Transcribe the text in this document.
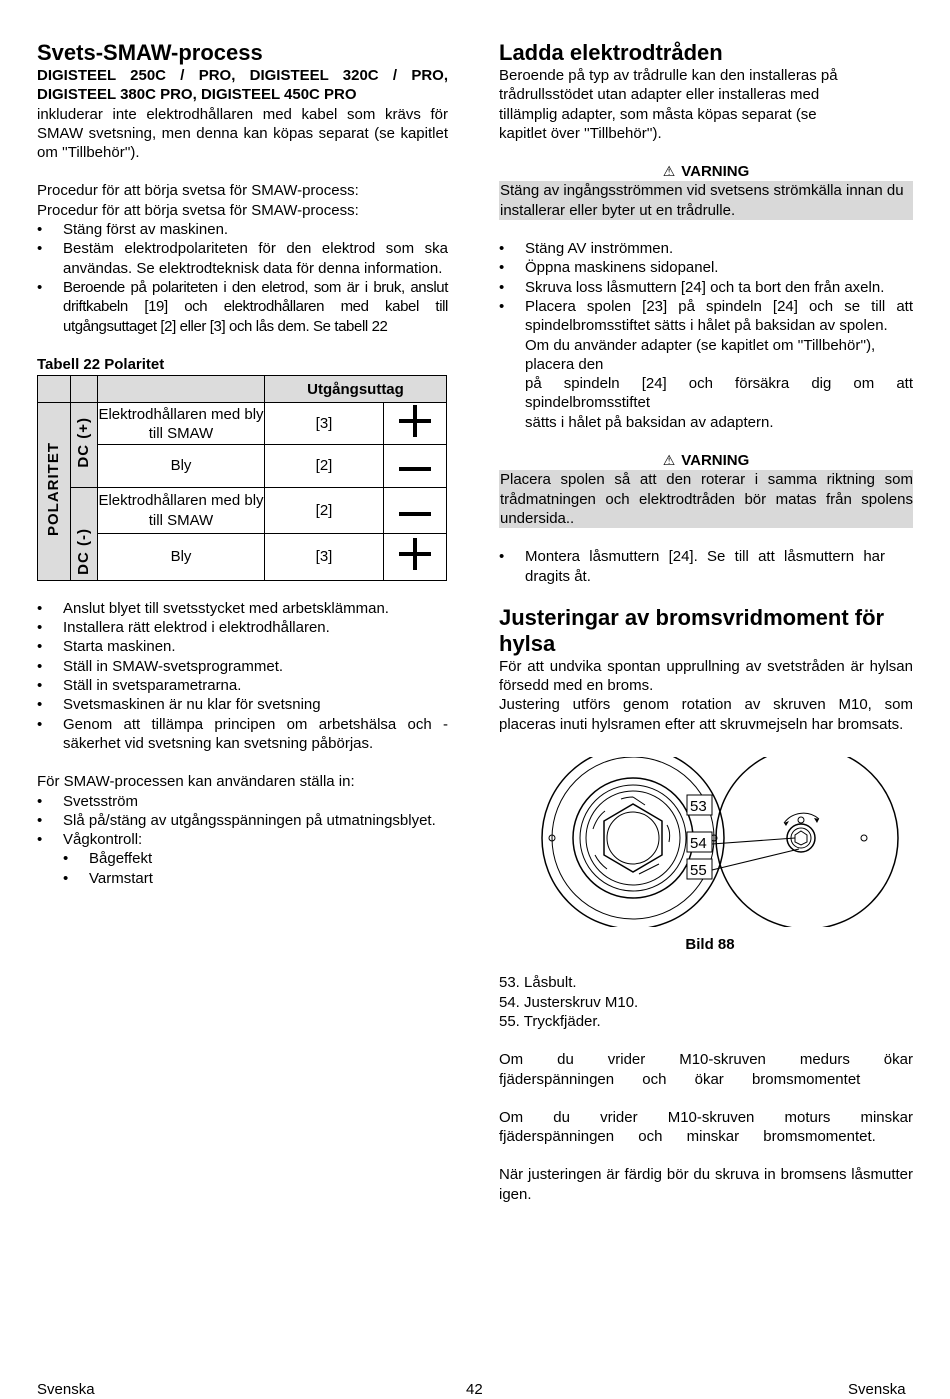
Svets-SMAW-process

DIGISTEEL 250C / PRO, DIGISTEEL 320C / PRO, DIGISTEEL 380C PRO, DIGISTEEL 450C PRO

inkluderar inte elektrodhållaren med kabel som krävs för SMAW svetsning, men denna kan köpas separat (se kapitlet om ''Tillbehör'').

Procedur för att börja svetsa för SMAW-process:

Procedur för att börja svetsa för SMAW-process:

• Stäng först av maskinen.
• Bestäm elektrodpolariteten för den elektrod som ska användas. Se elektrodteknisk data för denna information.
• Beroende på polariteten i den eletrod, som är i bruk, anslut driftkabeln [19] och elektrodhållaren med kabel till utgångsuttaget [2] eller [3] och lås dem. Se tabell 22

Tabell 22 Polaritet

			Utgångsuttag	
POLARITET	DC (+)	Elektrodhållaren med bly till SMAW	[3]	
		Bly	[2]	
	DC (-)	Elektrodhållaren med bly till SMAW	[2]	
		Bly	[3]	
• Anslut blyet till svetsstycket med arbetsklämman.
• Installera rätt elektrod i elektrodhållaren.
• Starta maskinen.
• Ställ in SMAW-svetsprogrammet.
• Ställ in svetsparametrarna.
• Svetsmaskinen är nu klar för svetsning
• Genom att tillämpa principen om arbetshälsa och -säkerhet vid svetsning kan svetsning påbörjas.

För SMAW-processen kan användaren ställa in:

• Svetsström
• Slå på/stäng av utgångsspänningen på utmatningsblyet.
• Vågkontroll:
• Bågeffekt
• Varmstart
Ladda elektrodtråden

Beroende på typ av trådrulle kan den installeras på trådrullsstödet utan adapter eller installeras med tillämplig adapter, som måsta köpas separat (se kapitlet över ''Tillbehör'').

⚠ VARNING

Stäng av ingångsströmmen vid svetsens strömkälla innan du installerar eller byter ut en trådrulle.

• Stäng AV inströmmen.
• Öppna maskinens sidopanel.
• Skruva loss låsmuttern [24] och ta bort den från axeln.
• Placera spolen [23] på spindeln [24] och se till att spindelbromsstiftet sätts i hålet på baksidan av spolen.

Om du använder adapter (se kapitlet om ''Tillbehör''),

placera den

på spindeln [24] och försäkra dig om att spindelbromsstiftet

sätts i hålet på baksidan av adaptern.

⚠ VARNING

Placera spolen så att den roterar i samma riktning som trådmatningen och elektrodtråden bör matas från spolens undersida..

• Montera låsmuttern [24]. Se till att låsmuttern har dragits åt.
Justeringar av bromsvridmoment för hylsa

För att undvika spontan upprullning av svetstråden är hylsan försedd med en broms.

Justering utförs genom rotation av skruven M10, som placeras inuti hylsramen efter att skruvmejseln har bromsats.

53
54
55

Bild 88

53. Låsbult.

54. Justerskruv M10.

55. Tryckfjäder.

Om du vrider M10-skruven medurs ökar fjäderspänningen och ökar bromsmomentet

Om du vrider M10-skruven moturs minskar fjäderspänningen och minskar bromsmomentet.

När justeringen är färdig bör du skruva in bromsens låsmutter igen.

Svenska	42	Svenska
